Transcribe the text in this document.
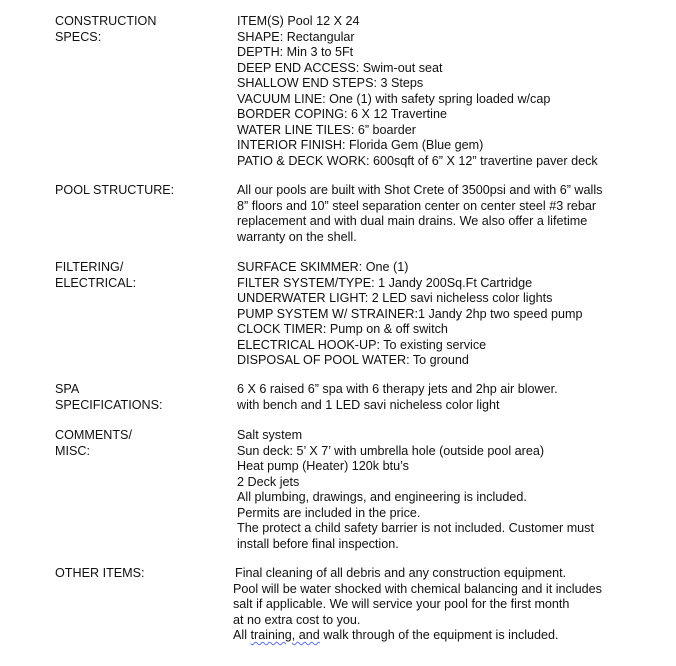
CONSTRUCTION
SPECS:
ITEM(S) Pool 12 X 24
SHAPE: Rectangular
DEPTH: Min 3 to 5Ft
DEEP END ACCESS: Swim-out seat
SHALLOW END STEPS: 3 Steps
VACUUM LINE: One (1) with safety spring loaded w/cap
BORDER COPING: 6 X 12 Travertine
WATER LINE TILES: 6” boarder
INTERIOR FINISH: Florida Gem (Blue gem)
PATIO & DECK WORK: 600sqft of 6” X 12” travertine paver deck
POOL STRUCTURE:	All our pools are built with Shot Crete of 3500psi and with 6” walls
8” floors and 10” steel separation center on center steel #3 rebar
replacement and with dual main drains. We also offer a lifetime
warranty on the shell.
FILTERING/
ELECTRICAL:
SURFACE SKIMMER: One (1)
FILTER SYSTEM/TYPE: 1 Jandy 200Sq.Ft Cartridge
UNDERWATER LIGHT: 2 LED savi nicheless color lights
PUMP SYSTEM W/ STRAINER:1 Jandy 2hp two speed pump
CLOCK TIMER: Pump on & off switch
ELECTRICAL HOOK-UP: To existing service
DISPOSAL OF POOL WATER: To ground
SPA
SPECIFICATIONS:
6 X 6 raised 6” spa with 6 therapy jets and 2hp air blower.
with bench and 1 LED savi nicheless color light
COMMENTS/
MISC:
Salt system
Sun deck: 5’ X 7’ with umbrella hole (outside pool area)
Heat pump (Heater) 120k btu’s
2 Deck jets
All plumbing, drawings, and engineering is included.
Permits are included in the price.
The protect a child safety barrier is not included. Customer must
install before final inspection.
OTHER ITEMS:	Final cleaning of all debris and any construction equipment.
Pool will be water shocked with chemical balancing and it includes
salt if applicable. We will service your pool for the first month
at no extra cost to you.
All training, and walk through of the equipment is included.
